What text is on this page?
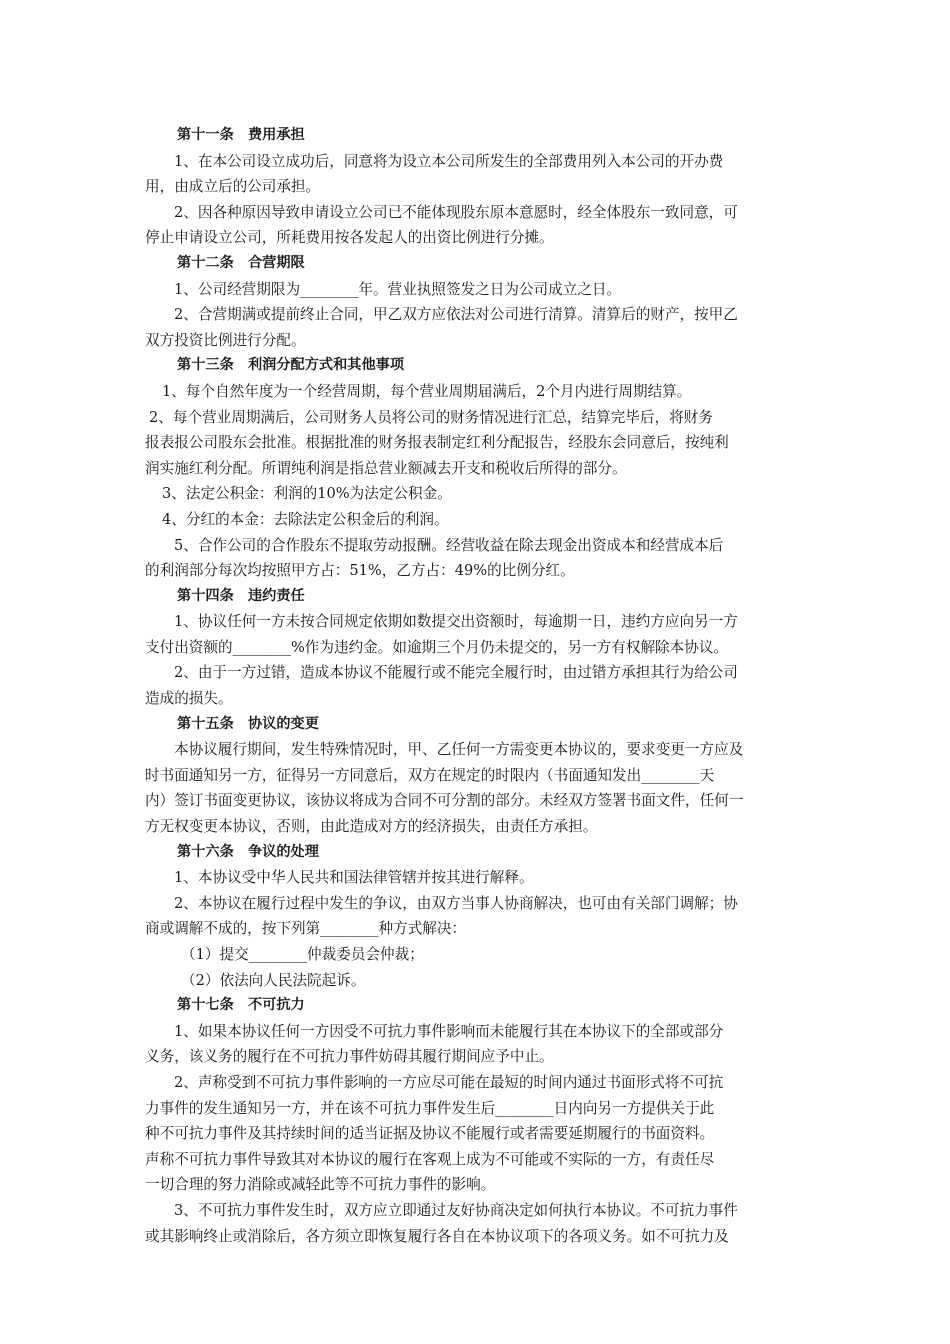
第十一条　费用承担
1、在本公司设立成功后，同意将为设立本公司所发生的全部费用列入本公司的开办费
用，由成立后的公司承担。
2、因各种原因导致申请设立公司已不能体现股东原本意愿时，经全体股东一致同意，可
停止申请设立公司，所耗费用按各发起人的出资比例进行分摊。
第十二条　合营期限
1、公司经营期限为________年。营业执照签发之日为公司成立之日。
2、合营期满或提前终止合同，甲乙双方应依法对公司进行清算。清算后的财产，按甲乙
双方投资比例进行分配。
第十三条　利润分配方式和其他事项
1、每个自然年度为一个经营周期，每个营业周期届满后，2个月内进行周期结算。
2、每个营业周期满后，公司财务人员将公司的财务情况进行汇总，结算完毕后，将财务
报表报公司股东会批准。根据批准的财务报表制定红利分配报告，经股东会同意后，按纯利
润实施红利分配。所谓纯利润是指总营业额减去开支和税收后所得的部分。
3、法定公积金：利润的10%为法定公积金。
4、分红的本金：去除法定公积金后的利润。
5、合作公司的合作股东不提取劳动报酬。经营收益在除去现金出资成本和经营成本后
的利润部分每次均按照甲方占：51%，乙方占：49%的比例分红。
第十四条　违约责任
1、协议任何一方未按合同规定依期如数提交出资额时，每逾期一日，违约方应向另一方
支付出资额的________%作为违约金。如逾期三个月仍未提交的，另一方有权解除本协议。
2、由于一方过错，造成本协议不能履行或不能完全履行时，由过错方承担其行为给公司
造成的损失。
第十五条　协议的变更
本协议履行期间，发生特殊情况时，甲、乙任何一方需变更本协议的，要求变更一方应及
时书面通知另一方，征得另一方同意后，双方在规定的时限内（书面通知发出________天
内）签订书面变更协议，该协议将成为合同不可分割的部分。未经双方签署书面文件，任何一
方无权变更本协议，否则，由此造成对方的经济损失，由责任方承担。
第十六条　争议的处理
1、本协议受中华人民共和国法律管辖并按其进行解释。
2、本协议在履行过程中发生的争议，由双方当事人协商解决，也可由有关部门调解；协
商或调解不成的，按下列第________种方式解决：
（1）提交________仲裁委员会仲裁；
（2）依法向人民法院起诉。
第十七条　不可抗力
1、如果本协议任何一方因受不可抗力事件影响而未能履行其在本协议下的全部或部分
义务，该义务的履行在不可抗力事件妨碍其履行期间应予中止。
2、声称受到不可抗力事件影响的一方应尽可能在最短的时间内通过书面形式将不可抗
力事件的发生通知另一方，并在该不可抗力事件发生后________日内向另一方提供关于此
种不可抗力事件及其持续时间的适当证据及协议不能履行或者需要延期履行的书面资料。
声称不可抗力事件导致其对本协议的履行在客观上成为不可能或不实际的一方，有责任尽
一切合理的努力消除或减轻此等不可抗力事件的影响。
3、不可抗力事件发生时，双方应立即通过友好协商决定如何执行本协议。不可抗力事件
或其影响终止或消除后，各方须立即恢复履行各自在本协议项下的各项义务。如不可抗力及
